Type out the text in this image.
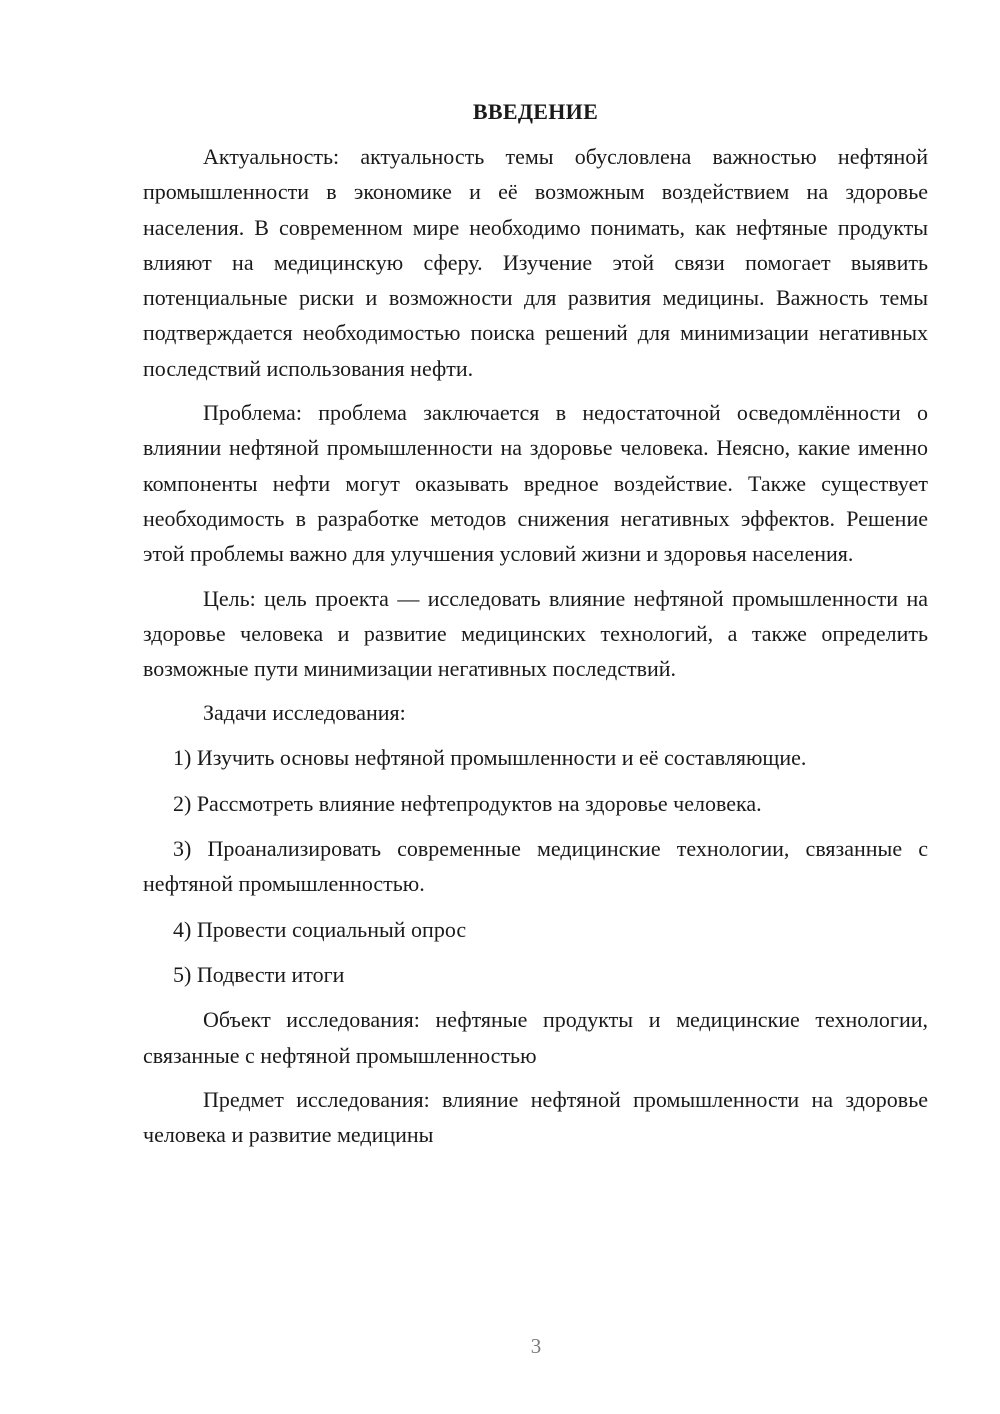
ВВЕДЕНИЕ

Актуальность: актуальность темы обусловлена важностью нефтяной промышленности в экономике и её возможным воздействием на здоровье населения. В современном мире необходимо понимать, как нефтяные продукты влияют на медицинскую сферу. Изучение этой связи помогает выявить потенциальные риски и возможности для развития медицины. Важность темы подтверждается необходимостью поиска решений для минимизации негативных последствий использования нефти.

Проблема: проблема заключается в недостаточной осведомлённости о влиянии нефтяной промышленности на здоровье человека. Неясно, какие именно компоненты нефти могут оказывать вредное воздействие. Также существует необходимость в разработке методов снижения негативных эффектов. Решение этой проблемы важно для улучшения условий жизни и здоровья населения.

Цель: цель проекта — исследовать влияние нефтяной промышленности на здоровье человека и развитие медицинских технологий, а также определить возможные пути минимизации негативных последствий.

Задачи исследования:

1) Изучить основы нефтяной промышленности и её составляющие.

2) Рассмотреть влияние нефтепродуктов на здоровье человека.

3) Проанализировать современные медицинские технологии, связанные с нефтяной промышленностью.

4) Провести социальный опрос

5) Подвести итоги

Объект исследования: нефтяные продукты и медицинские технологии, связанные с нефтяной промышленностью

Предмет исследования: влияние нефтяной промышленности на здоровье человека и развитие медицины

3
